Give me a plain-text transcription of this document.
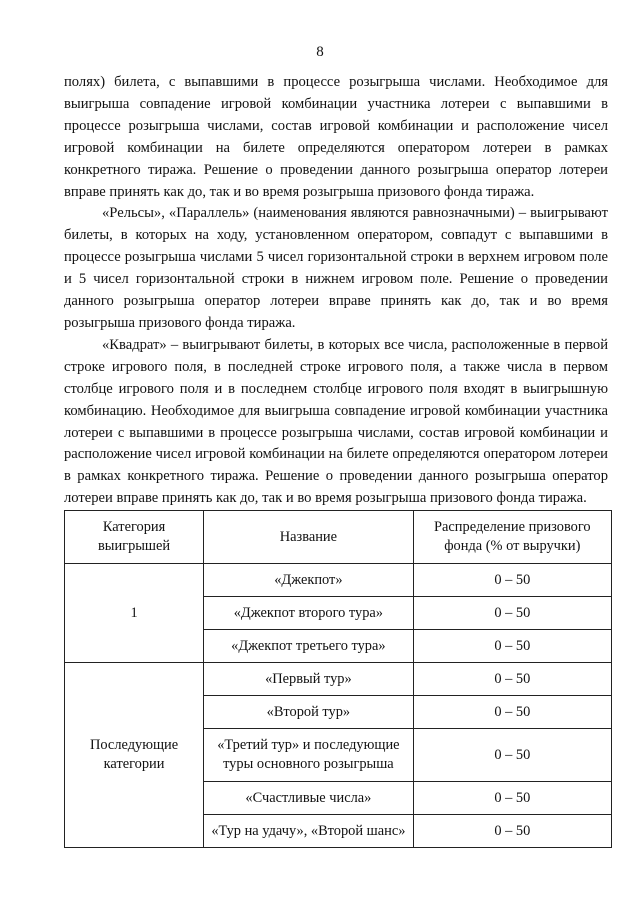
8

полях) билета, с выпавшими в процессе розыгрыша числами. Необходимое для выигрыша совпадение игровой комбинации участника лотереи с выпавшими в процессе розыгрыша числами, состав игровой комбинации и расположение чисел игровой комбинации на билете определяются оператором лотереи в рамках конкретного тиража. Решение о проведении данного розыгрыша оператор лотереи вправе принять как до, так и во время розыгрыша призового фонда тиража.

«Рельсы», «Параллель» (наименования являются равнозначными) – выигрывают билеты, в которых на ходу, установленном оператором, совпадут с выпавшими в процессе розыгрыша числами 5 чисел горизонтальной строки в верхнем игровом поле и 5 чисел горизонтальной строки в нижнем игровом поле. Решение о проведении данного розыгрыша оператор лотереи вправе принять как до, так и во время розыгрыша призового фонда тиража.

«Квадрат» – выигрывают билеты, в которых все числа, расположенные в первой строке игрового поля, в последней строке игрового поля, а также числа в первом столбце игрового поля и в последнем столбце игрового поля входят в выигрышную комбинацию. Необходимое для выигрыша совпадение игровой комбинации участника лотереи с выпавшими в процессе розыгрыша числами, состав игровой комбинации и расположение чисел игровой комбинации на билете определяются оператором лотереи в рамках конкретного тиража. Решение о проведении данного розыгрыша оператор лотереи вправе принять как до, так и во время розыгрыша призового фонда тиража.

Категория выигрышей	Название	Распределение призового фонда (% от выручки)
1	«Джекпот»	0 – 50
	«Джекпот второго тура»	0 – 50
	«Джекпот третьего тура»	0 – 50
Последующие категории	«Первый тур»	0 – 50
	«Второй тур»	0 – 50
	«Третий тур» и последующие туры основного розыгрыша	0 – 50
	«Счастливые числа»	0 – 50
	«Тур на удачу», «Второй шанс»	0 – 50
